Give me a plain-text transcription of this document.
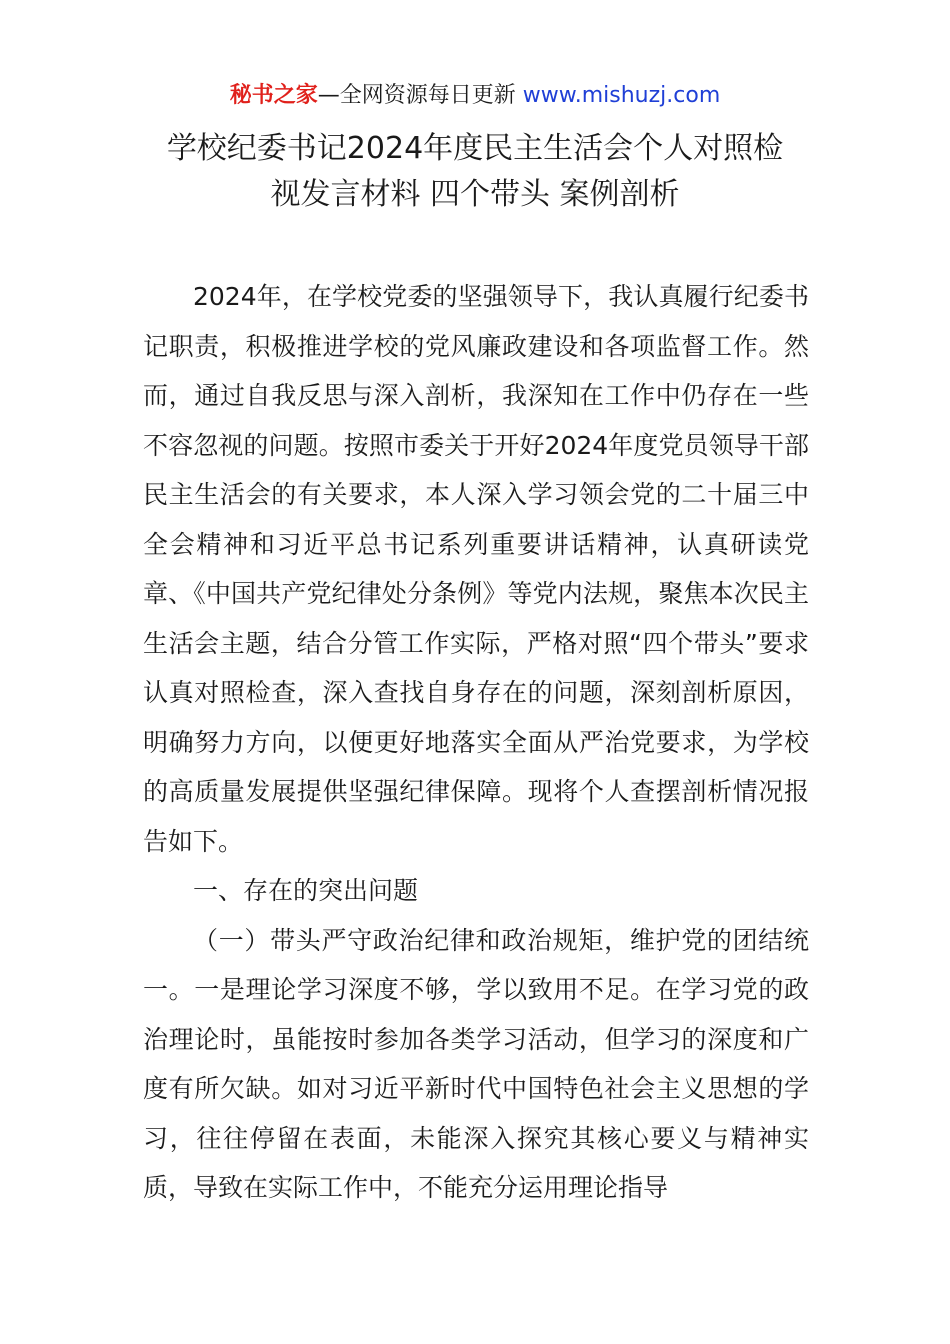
秘书之家—全网资源每日更新 www.mishuzj.com
学校纪委书记2024年度民主生活会个人对照检
视发言材料 四个带头 案例剖析

2024年，在学校党委的坚强领导下，我认真履行纪委书记职责，积极推进学校的党风廉政建设和各项监督工作。然而，通过自我反思与深入剖析，我深知在工作中仍存在一些不容忽视的问题。按照市委关于开好2024年度党员领导干部民主生活会的有关要求，本人深入学习领会党的二十届三中全会精神和习近平总书记系列重要讲话精神，认真研读党章、《中国共产党纪律处分条例》等党内法规，聚焦本次民主生活会主题，结合分管工作实际，严格对照“四个带头”要求认真对照检查，深入查找自身存在的问题，深刻剖析原因，明确努力方向，以便更好地落实全面从严治党要求，为学校的高质量发展提供坚强纪律保障。现将个人查摆剖析情况报告如下。

一、存在的突出问题

（一）带头严守政治纪律和政治规矩，维护党的团结统一。一是理论学习深度不够，学以致用不足。在学习党的政治理论时，虽能按时参加各类学习活动，但学习的深度和广度有所欠缺。如对习近平新时代中国特色社会主义思想的学习，往往停留在表面，未能深入探究其核心要义与精神实质，导致在实际工作中，不能充分运用理论指导
